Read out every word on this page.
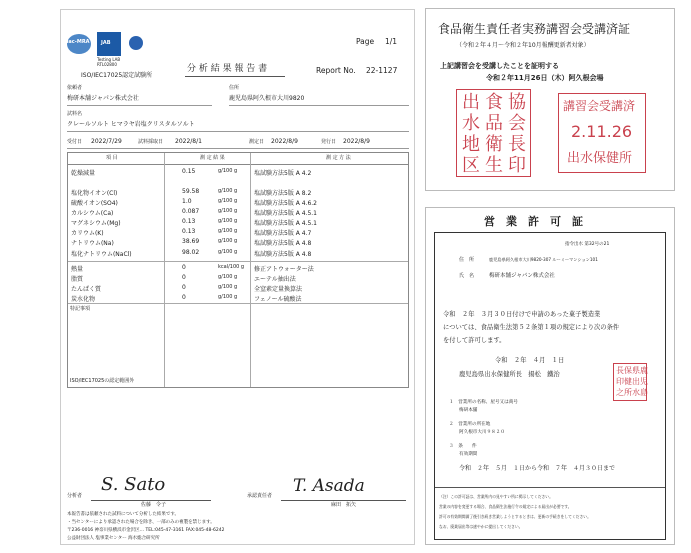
ilac-MRA JAB
Testing LAB
RTL02800
ISO/IEC17025認定試験所
Page 1/1
分 析 結 果 報 告 書	Report No. 22-1127
依頼者
梅研本舗ジャパン株式会社
住所
鹿児島県阿久根市大川9820
試料名
クレールソルト ヒマラヤ岩塩クリスタルソルト
受付日 2022/7/29	試料採取日 2022/8/1	測定日 2022/8/9	発行日 2022/8/9
項 目	測 定 結 果	測 定 方 法
乾燥減量	0.15	g/100 g	塩試験方法5版 A 4.2
塩化物イオン(Cl)	59.58	g/100 g	塩試験方法5版 A 8.2
硫酸イオン(SO4)	1.0	g/100 g	塩試験方法5版 A 4.6.2
カルシウム(Ca)	0.087	g/100 g	塩試験方法5版 A 4.5.1
マグネシウム(Mg)	0.13	g/100 g	塩試験方法5版 A 4.5.1
カリウム(K)	0.13	g/100 g	塩試験方法5版 A 4.7
ナトリウム(Na)	38.69	g/100 g	塩試験方法5版 A 4.8
塩化ナトリウム(NaCl)	98.02	g/100 g	塩試験方法5版 A 4.8
熱量	0	kcal/100 g 修正アトウォーター法
脂質	0	g/100 g	エーテル抽出法
たんぱく質	0	g/100 g	全窒素定量換算法
炭水化物	0	g/100 g	フェノール硫酸法
特記事項
ISO/IEC17025の認定範囲外
分析者
S. Sato
佐藤　令子
承認責任者 T. Asada
麻田　拓矢
本報告書は依頼された試料について分析した結果です。
・当センターにより承認された場合を除き、一部のみの複製を禁じます。
〒236-0016 神奈川県横浜市金沢区… TEL:045-47-3161 FAX:045-48-6242
公益財団法人 塩事業センター 海水総合研究所
食品衛生責任者実務講習会受講済証
（令和２年４月〜令和２年10月報酬更新者対象）
上記講習会を受講したことを証明する
令和２年11月26日（木）阿久根会場
協
会
長
印
食
品
衛
生
出
水
地
区
講習会受講済
2.11.26
出水保健所
営　業　許　可　証
指令出水 第32号の21
住　所	鹿児島県阿久根市大川9820-307 ルーミーマンション101
氏　名	梅研本舗ジャパン株式会社
令和　２年　３月３０日付けで申請のあった菓子製造業
については、食品衛生法第５２条第１項の規定により次の条件
を付して許可します。
令和　２年　４月　１日
鹿児島県出水保健所長　揚松　鐵治	鹿
児
島
県
出
水
保
健
所
長
印
之
１　営業所の名称、屋号又は商号
梅研本舗
２　営業所の所在地
阿久根市大川９８２０
３　条　　件
有効期間
令和　２年　５月　１日から令和　７年　４月３０日まで
（注）この許可証は、営業所内の見やすい所に掲示してください。
営業の内容を変更する場合、食品衛生法施行令の規定による届出が必要です。
許可の有効期間満了後引き続き営業しようとするときは、更新の手続きをしてください。
なお、廃業届出等は速やかに提出してください。
